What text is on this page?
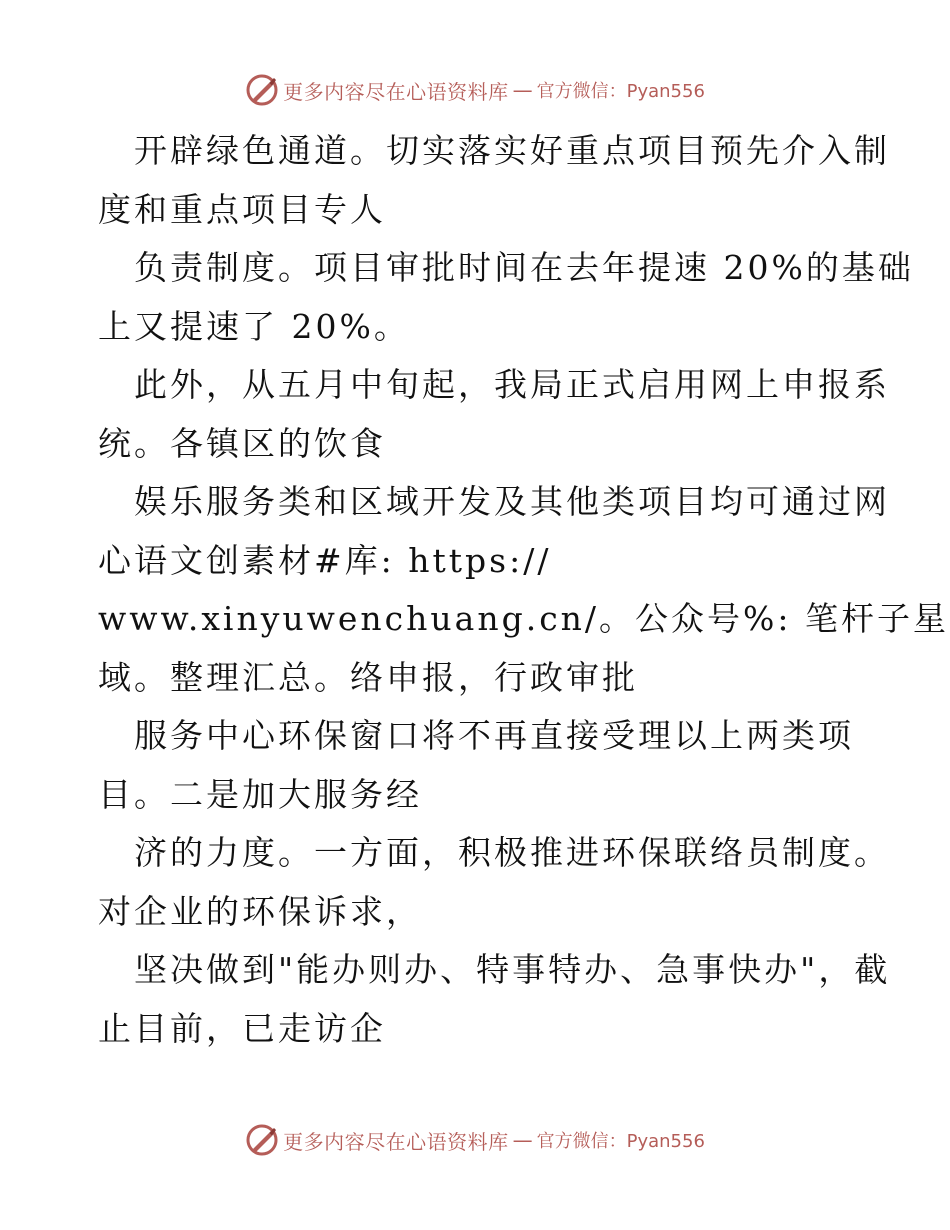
更多内容尽在心语资料库 — 官方微信：Pyan556
开辟绿色通道。切实落实好重点项目预先介入制
度和重点项目专人
负责制度。项目审批时间在去年提速 20%的基础
上又提速了 20%。
此外，从五月中旬起，我局正式启用网上申报系
统。各镇区的饮食
娱乐服务类和区域开发及其他类项目均可通过网
心语文创素材#库: https://
www.xinyuwenchuang.cn/。公众号%: 笔杆子星
域。整理汇总。络申报，行政审批
服务中心环保窗口将不再直接受理以上两类项
目。二是加大服务经
济的力度。一方面，积极推进环保联络员制度。
对企业的环保诉求，
坚决做到"能办则办、特事特办、急事快办"，截
止目前，已走访企
更多内容尽在心语资料库 — 官方微信：Pyan556
